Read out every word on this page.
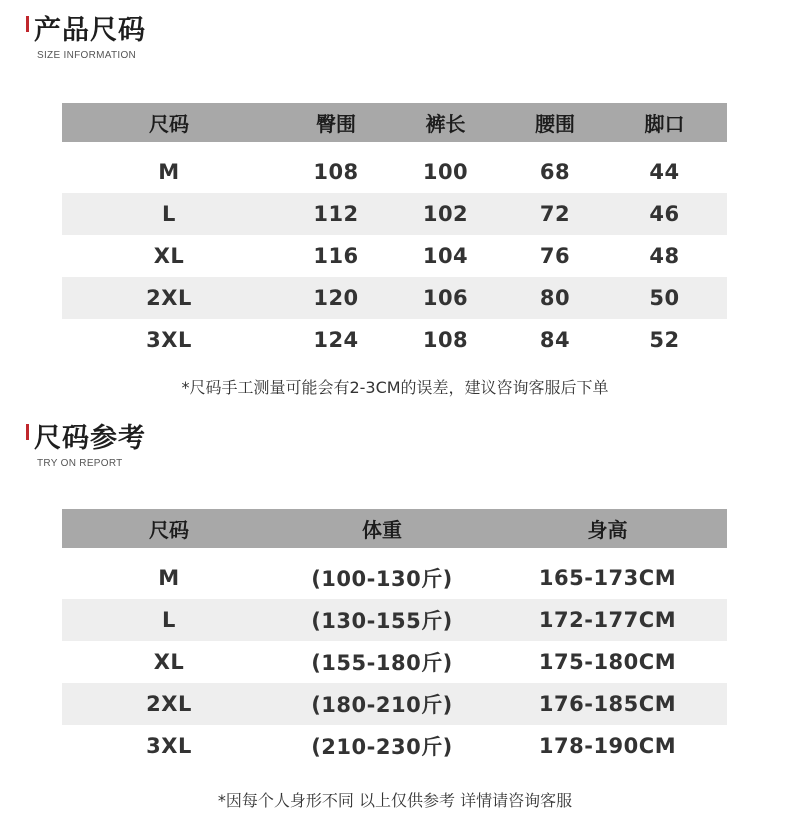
产品尺码
SIZE INFORMATION
尺码	臀围	裤长	腰围	脚口
M	108	100	68	44
L	112	102	72	46
XL	116	104	76	48
2XL	120	106	80	50
3XL	124	108	84	52
*尺码手工测量可能会有2-3CM的误差，建议咨询客服后下单
尺码参考
TRY ON REPORT
尺码	体重	身高
M	(100-130斤)	165-173CM
L	(130-155斤)	172-177CM
XL	(155-180斤)	175-180CM
2XL	(180-210斤)	176-185CM
3XL	(210-230斤)	178-190CM
*因每个人身形不同 以上仅供参考 详情请咨询客服
